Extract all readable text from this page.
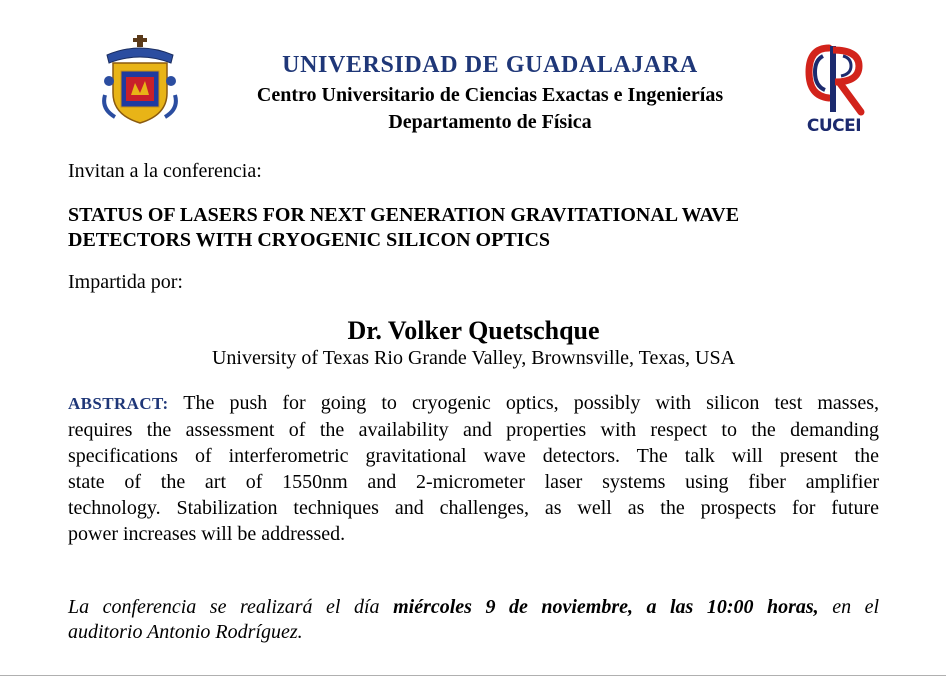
UNIVERSIDAD DE GUADALAJARA
Centro Universitario de Ciencias Exactas e Ingenierías
Departamento de Física	CUCEI
Invitan a la conferencia:
STATUS OF LASERS FOR NEXT GENERATION GRAVITATIONAL WAVE
DETECTORS WITH CRYOGENIC SILICON OPTICS
Impartida por:
Dr. Volker Quetschque
University of Texas Rio Grande Valley, Brownsville, Texas, USA
ABSTRACT: The push for going to cryogenic optics, possibly with silicon test masses,
requires the assessment of the availability and properties with respect to the demanding
specifications of interferometric gravitational wave detectors. The talk will present the
state of the art of 1550nm and 2-micrometer laser systems using fiber amplifier
technology. Stabilization techniques and challenges, as well as the prospects for future
power increases will be addressed.
La conferencia se realizará el día miércoles 9 de noviembre, a las 10:00 horas, en el
auditorio Antonio Rodríguez.
